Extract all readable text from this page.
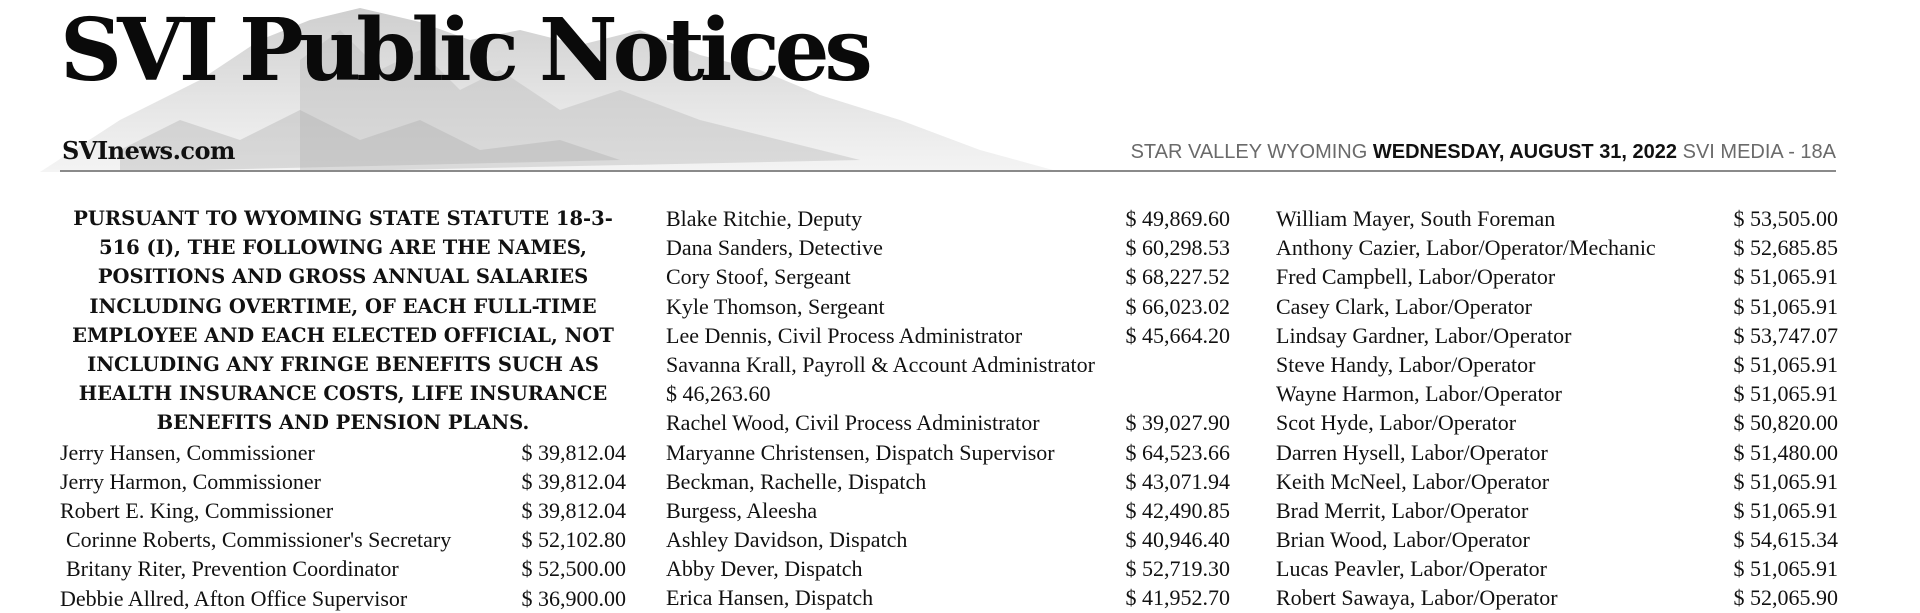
SVI Public Notices
SVInews.com	STAR VALLEY WYOMING WEDNESDAY, AUGUST 31, 2022 SVI MEDIA - 18A

PURSUANT TO WYOMING STATE STATUTE 18-3-516 (I), THE FOLLOWING ARE THE NAMES, POSITIONS AND GROSS ANNUAL SALARIES INCLUDING OVERTIME, OF EACH FULL-TIME EMPLOYEE AND EACH ELECTED OFFICIAL, NOT INCLUDING ANY FRINGE BENEFITS SUCH AS HEALTH INSURANCE COSTS, LIFE INSURANCE BENEFITS AND PENSION PLANS.

Jerry Hansen, Commissioner	$ 39,812.04
Jerry Harmon, Commissioner	$ 39,812.04
Robert E. King, Commissioner	$ 39,812.04
Corinne Roberts, Commissioner's Secretary	$ 52,102.80
Britany Riter, Prevention Coordinator	$ 52,500.00
Debbie Allred, Afton Office Supervisor	$ 36,900.00
Blake Ritchie, Deputy	$ 49,869.60
Dana Sanders, Detective	$ 60,298.53
Cory Stoof, Sergeant	$ 68,227.52
Kyle Thomson, Sergeant	$ 66,023.02
Lee Dennis, Civil Process Administrator	$ 45,664.20
Savanna Krall, Payroll & Account Administrator
$ 46,263.60
Rachel Wood, Civil Process Administrator	$ 39,027.90
Maryanne Christensen, Dispatch Supervisor	$ 64,523.66
Beckman, Rachelle, Dispatch	$ 43,071.94
Burgess, Aleesha	$ 42,490.85
Ashley Davidson, Dispatch	$ 40,946.40
Abby Dever, Dispatch	$ 52,719.30
Erica Hansen, Dispatch	$ 41,952.70
William Mayer, South Foreman	$ 53,505.00
Anthony Cazier, Labor/Operator/Mechanic	$ 52,685.85
Fred Campbell, Labor/Operator	$ 51,065.91
Casey Clark, Labor/Operator	$ 51,065.91
Lindsay Gardner, Labor/Operator	$ 53,747.07
Steve Handy, Labor/Operator	$ 51,065.91
Wayne Harmon, Labor/Operator	$ 51,065.91
Scot Hyde, Labor/Operator	$ 50,820.00
Darren Hysell, Labor/Operator	$ 51,480.00
Keith McNeel, Labor/Operator	$ 51,065.91
Brad Merrit, Labor/Operator	$ 51,065.91
Brian Wood, Labor/Operator	$ 54,615.34
Lucas Peavler, Labor/Operator	$ 51,065.91
Robert Sawaya, Labor/Operator	$ 52,065.90
